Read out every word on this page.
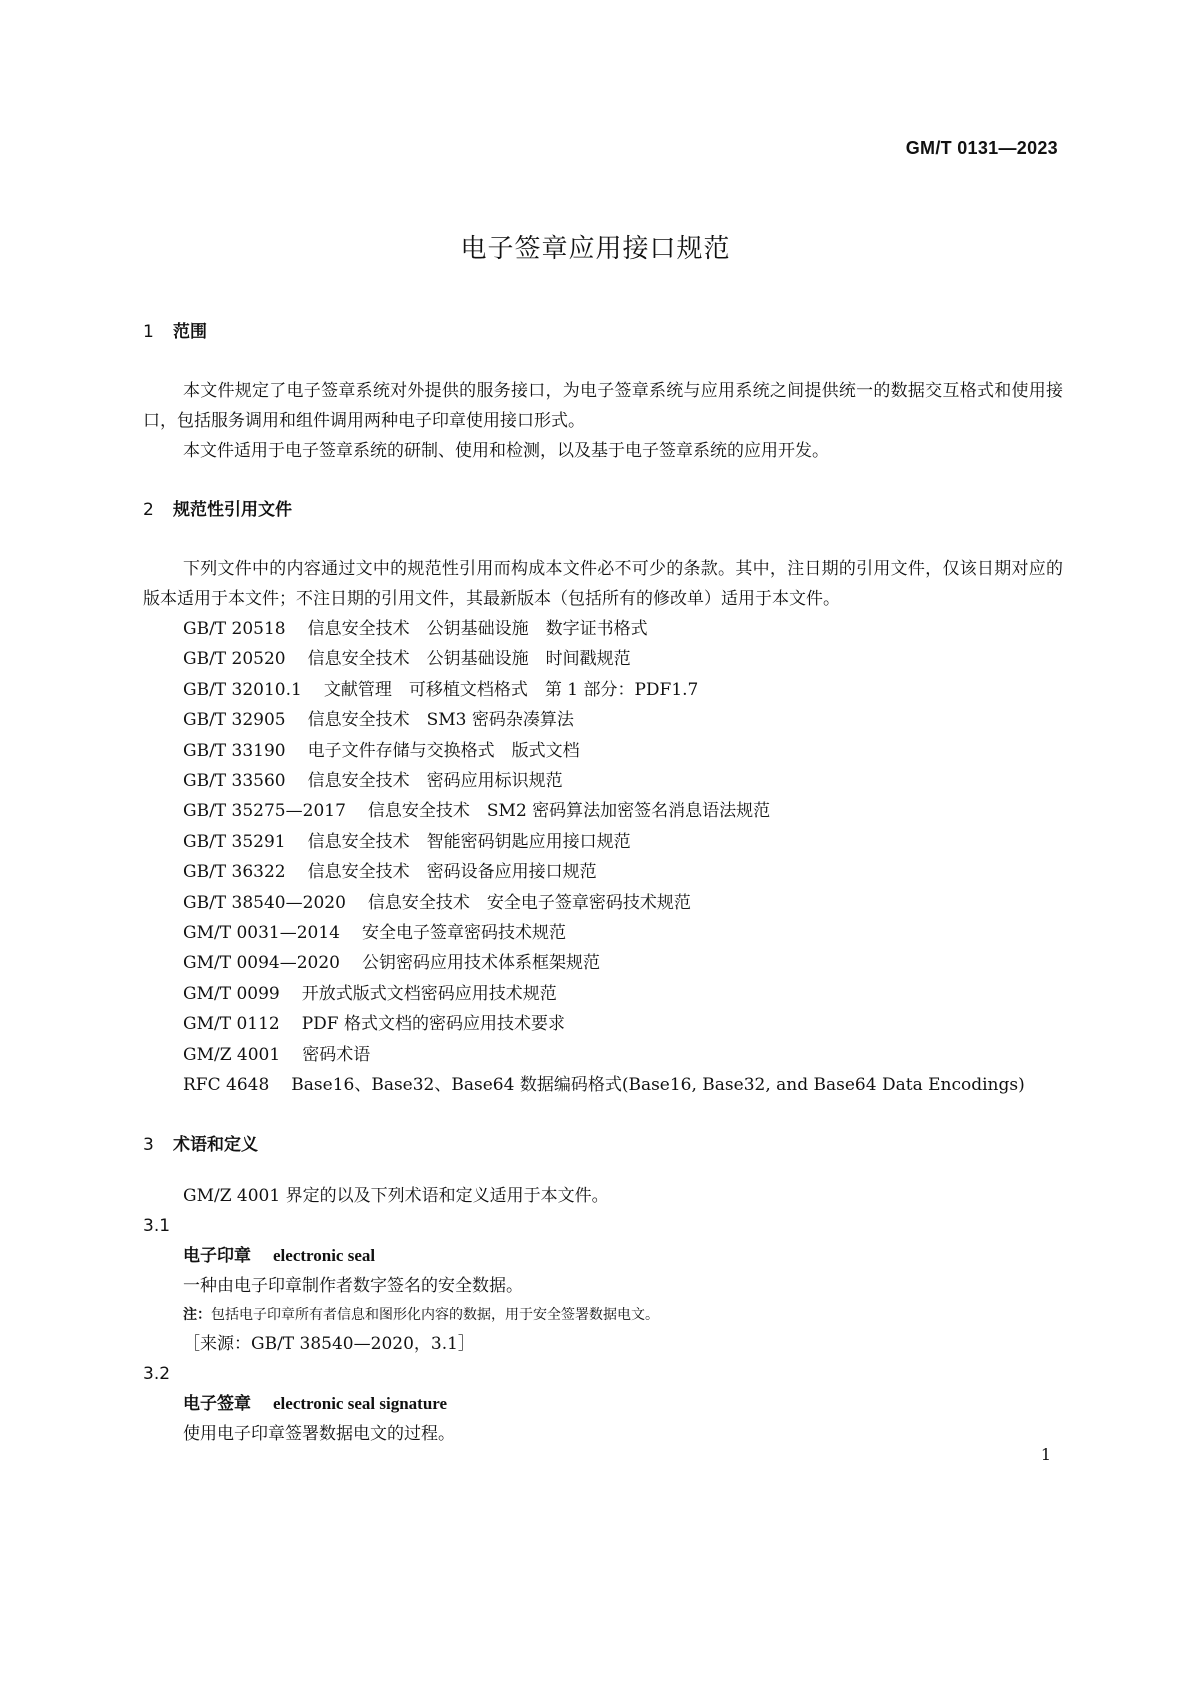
GM/T 0131—2023
电子签章应用接口规范
1 范围

本文件规定了电子签章系统对外提供的服务接口，为电子签章系统与应用系统之间提供统一的数据交互格式和使用接口，包括服务调用和组件调用两种电子印章使用接口形式。

本文件适用于电子签章系统的研制、使用和检测，以及基于电子签章系统的应用开发。

2 规范性引用文件

下列文件中的内容通过文中的规范性引用而构成本文件必不可少的条款。其中，注日期的引用文件，仅该日期对应的版本适用于本文件；不注日期的引用文件，其最新版本（包括所有的修改单）适用于本文件。

GB/T 20518 信息安全技术　公钥基础设施　数字证书格式
GB/T 20520 信息安全技术　公钥基础设施　时间戳规范
GB/T 32010.1 文献管理　可移植文档格式　第 1 部分：PDF1.7
GB/T 32905 信息安全技术　SM3 密码杂凑算法
GB/T 33190 电子文件存储与交换格式　版式文档
GB/T 33560 信息安全技术　密码应用标识规范
GB/T 35275—2017 信息安全技术　SM2 密码算法加密签名消息语法规范
GB/T 35291 信息安全技术　智能密码钥匙应用接口规范
GB/T 36322 信息安全技术　密码设备应用接口规范
GB/T 38540—2020 信息安全技术　安全电子签章密码技术规范
GM/T 0031—2014 安全电子签章密码技术规范
GM/T 0094—2020 公钥密码应用技术体系框架规范
GM/T 0099 开放式版式文档密码应用技术规范
GM/T 0112 PDF 格式文档的密码应用技术要求
GM/Z 4001 密码术语
RFC 4648 Base16、Base32、Base64 数据编码格式(Base16, Base32, and Base64 Data Encodings)
3 术语和定义

GM/Z 4001 界定的以及下列术语和定义适用于本文件。

3.1

电子印章 electronic seal

一种由电子印章制作者数字签名的安全数据。

注：包括电子印章所有者信息和图形化内容的数据，用于安全签署数据电文。

［来源：GB/T 38540—2020，3.1］

3.2

电子签章 electronic seal signature

使用电子印章签署数据电文的过程。

1
